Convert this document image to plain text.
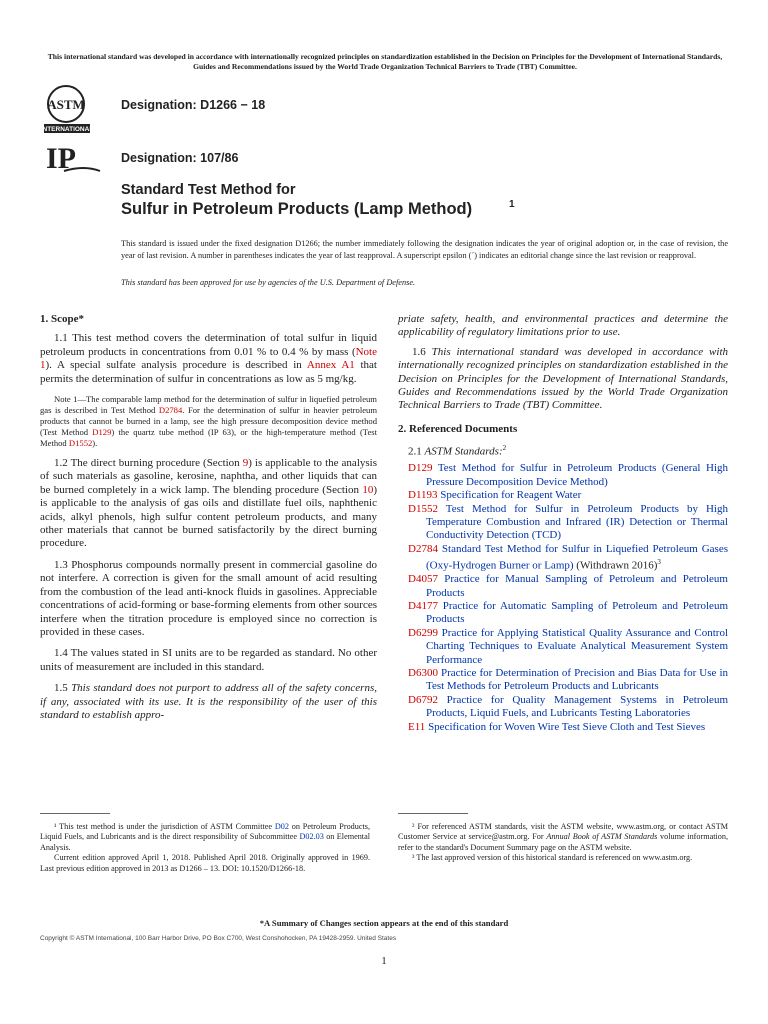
This international standard was developed in accordance with internationally recognized principles on standardization established in the Decision on Principles for the Development of International Standards, Guides and Recommendations issued by the World Trade Organization Technical Barriers to Trade (TBT) Committee.
ASTM
INTERNATIONAL
Designation: D1266 − 18
IP	Designation: 107/86
Standard Test Method for
Sulfur in Petroleum Products (Lamp Method)	1
This standard is issued under the fixed designation D1266; the number immediately following the designation indicates the year of original adoption or, in the case of revision, the year of last revision. A number in parentheses indicates the year of last reapproval. A superscript epsilon (´) indicates an editorial change since the last revision or reapproval.
This standard has been approved for use by agencies of the U.S. Department of Defense.

1. Scope*

1.1 This test method covers the determination of total sulfur in liquid petroleum products in concentrations from 0.01 % to 0.4 % by mass (Note 1). A special sulfate analysis procedure is described in Annex A1 that permits the determination of sulfur in concentrations as low as 5 mg/kg.

Note 1—The comparable lamp method for the determination of sulfur in liquefied petroleum gas is described in Test Method D2784. For the determination of sulfur in heavier petroleum products that cannot be burned in a lamp, see the high pressure decomposition device method (Test Method D129) the quartz tube method (IP 63), or the high-temperature method (Test Method D1552).

1.2 The direct burning procedure (Section 9) is applicable to the analysis of such materials as gasoline, kerosine, naphtha, and other liquids that can be burned completely in a wick lamp. The blending procedure (Section 10) is applicable to the analysis of gas oils and distillate fuel oils, naphthenic acids, alkyl phenols, high sulfur content petroleum products, and many other materials that cannot be burned satisfactorily by the direct burning procedure.

1.3 Phosphorus compounds normally present in commercial gasoline do not interfere. A correction is given for the small amount of acid resulting from the combustion of the lead anti-knock fluids in gasolines. Appreciable concentrations of acid-forming or base-forming elements from other sources interfere when the titration procedure is employed since no correction is provided in these cases.

1.4 The values stated in SI units are to be regarded as standard. No other units of measurement are included in this standard.

1.5 This standard does not purport to address all of the safety concerns, if any, associated with its use. It is the responsibility of the user of this standard to establish appro-

priate safety, health, and environmental practices and determine the applicability of regulatory limitations prior to use.

1.6 This international standard was developed in accordance with internationally recognized principles on standardization established in the Decision on Principles for the Development of International Standards, Guides and Recommendations issued by the World Trade Organization Technical Barriers to Trade (TBT) Committee.

2. Referenced Documents

2.1 ASTM Standards:$^2$

D129 Test Method for Sulfur in Petroleum Products (General High Pressure Decomposition Device Method)

D1193 Specification for Reagent Water

D1552 Test Method for Sulfur in Petroleum Products by High Temperature Combustion and Infrared (IR) Detection or Thermal Conductivity Detection (TCD)

D2784 Standard Test Method for Sulfur in Liquefied Petroleum Gases (Oxy-Hydrogen Burner or Lamp) (Withdrawn 2016)$^3$

D4057 Practice for Manual Sampling of Petroleum and Petroleum Products

D4177 Practice for Automatic Sampling of Petroleum and Petroleum Products

D6299 Practice for Applying Statistical Quality Assurance and Control Charting Techniques to Evaluate Analytical Measurement System Performance

D6300 Practice for Determination of Precision and Bias Data for Use in Test Methods for Petroleum Products and Lubricants

D6792 Practice for Quality Management Systems in Petroleum Products, Liquid Fuels, and Lubricants Testing Laboratories

E11 Specification for Woven Wire Test Sieve Cloth and Test Sieves

¹ This test method is under the jurisdiction of ASTM Committee D02 on Petroleum Products, Liquid Fuels, and Lubricants and is the direct responsibility of Subcommittee D02.03 on Elemental Analysis.
Current edition approved April 1, 2018. Published April 2018. Originally approved in 1969. Last previous edition approved in 2013 as D1266 – 13. DOI: 10.1520/D1266-18.
² For referenced ASTM standards, visit the ASTM website, www.astm.org, or contact ASTM Customer Service at service@astm.org. For Annual Book of ASTM Standards volume information, refer to the standard's Document Summary page on the ASTM website.
³ The last approved version of this historical standard is referenced on www.astm.org.
*A Summary of Changes section appears at the end of this standard
Copyright © ASTM International, 100 Barr Harbor Drive, PO Box C700, West Conshohocken, PA 19428-2959. United States
1
